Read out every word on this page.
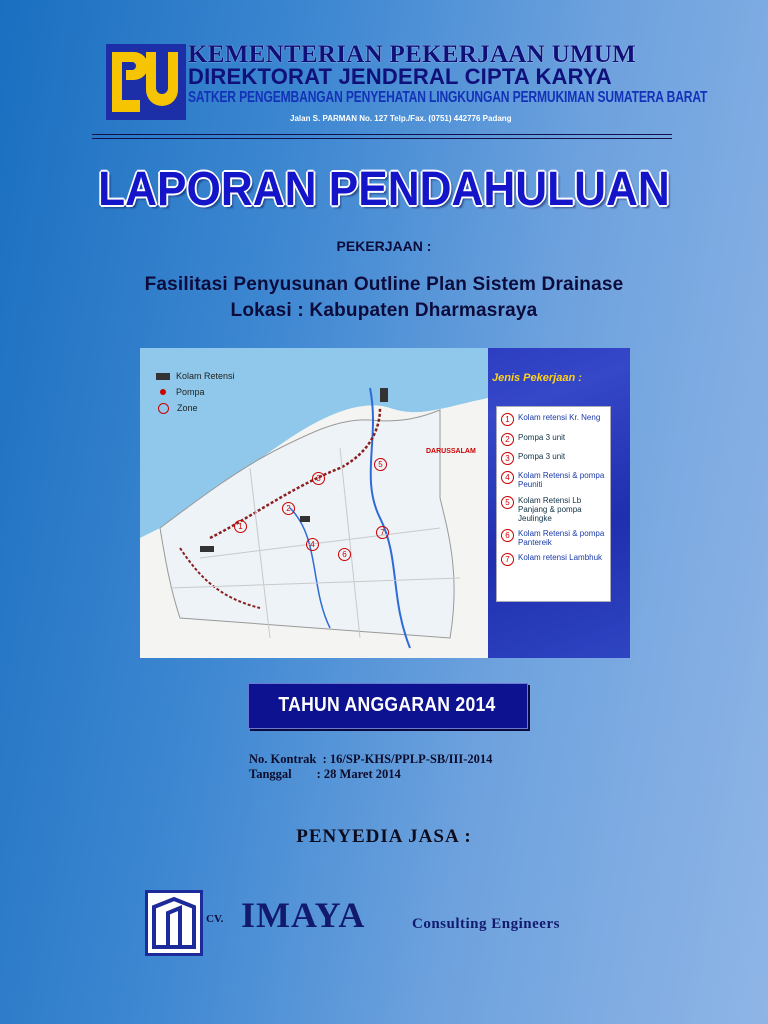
KEMENTERIAN PEKERJAAN UMUM
DIREKTORAT JENDERAL CIPTA KARYA
SATKER PENGEMBANGAN PENYEHATAN LINGKUNGAN PERMUKIMAN SUMATERA BARAT
Jalan S. PARMAN No. 127 Telp./Fax. (0751) 442776 Padang
LAPORAN PENDAHULUAN
PEKERJAAN :
Fasilitasi Penyusunan Outline Plan Sistem Drainase
Lokasi : Kabupaten Dharmasraya
Kolam Retensi
Pompa
Zone
DARUSSALAM
1
2
3
4
5
6
7
Jenis Pekerjaan :
1	Kolam retensi Kr. Neng
2	Pompa 3 unit
3	Pompa 3 unit
4	Kolam Retensi & pompa Peuniti
5	Kolam Retensi Lb Panjang & pompa Jeulingke
6	Kolam Retensi & pompa Pantereik
7	Kolam retensi Lambhuk
TAHUN ANGGARAN 2014
No. Kontrak  : 16/SP-KHS/PPLP-SB/III-2014
Tanggal        : 28 Maret 2014
PENYEDIA JASA :
CV. IMAYA	Consulting Engineers
